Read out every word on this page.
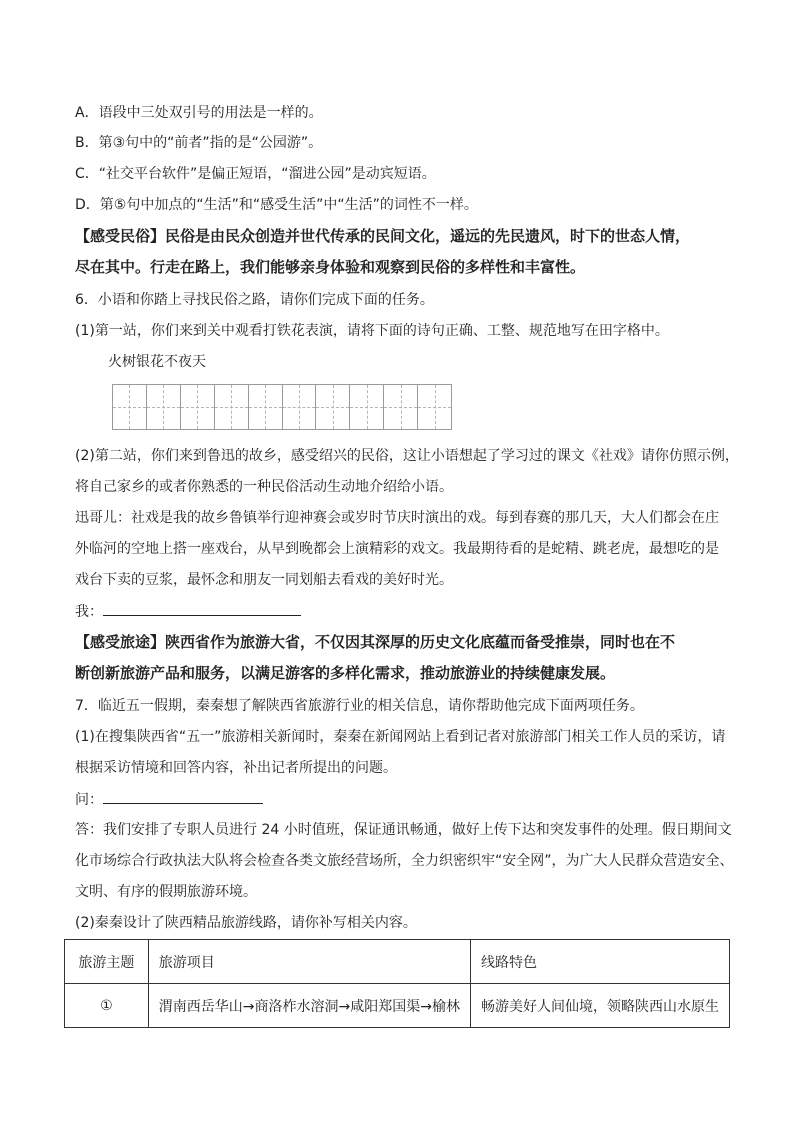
A．语段中三处双引号的用法是一样的。
B．第③句中的“前者”指的是“公园游”。
C．“社交平台软件”是偏正短语，“溜进公园”是动宾短语。
D．第⑤句中加点的“生活”和“感受生活”中“生活”的词性不一样。
【感受民俗】民俗是由民众创造并世代传承的民间文化，遥远的先民遗风，时下的世态人情，
尽在其中。行走在路上，我们能够亲身体验和观察到民俗的多样性和丰富性。
6．小语和你踏上寻找民俗之路，请你们完成下面的任务。
(1)第一站，你们来到关中观看打铁花表演，请将下面的诗句正确、工整、规范地写在田字格中。
火树银花不夜天
(2)第二站，你们来到鲁迅的故乡，感受绍兴的民俗，这让小语想起了学习过的课文《社戏》请你仿照示例，
将自己家乡的或者你熟悉的一种民俗活动生动地介绍给小语。
迅哥儿：社戏是我的故乡鲁镇举行迎神赛会或岁时节庆时演出的戏。每到春赛的那几天，大人们都会在庄
外临河的空地上搭一座戏台，从早到晚都会上演精彩的戏文。我最期待看的是蛇精、跳老虎，最想吃的是
戏台下卖的豆浆，最怀念和朋友一同划船去看戏的美好时光。
我：
【感受旅途】陕西省作为旅游大省，不仅因其深厚的历史文化底蕴而备受推崇，同时也在不
断创新旅游产品和服务，以满足游客的多样化需求，推动旅游业的持续健康发展。
7．临近五一假期，秦秦想了解陕西省旅游行业的相关信息，请你帮助他完成下面两项任务。
(1)在搜集陕西省“五一”旅游相关新闻时，秦秦在新闻网站上看到记者对旅游部门相关工作人员的采访，请
根据采访情境和回答内容，补出记者所提出的问题。
问：
答：我们安排了专职人员进行 24 小时值班，保证通讯畅通，做好上传下达和突发事件的处理。假日期间文
化市场综合行政执法大队将会检查各类文旅经营场所，全力织密织牢“安全网”，为广大人民群众营造安全、
文明、有序的假期旅游环境。
(2)秦秦设计了陕西精品旅游线路，请你补写相关内容。
旅游主题	旅游项目	线路特色
①	渭南西岳华山→商洛柞水溶洞→咸阳郑国渠→榆林	畅游美好人间仙境，领略陕西山水原生
